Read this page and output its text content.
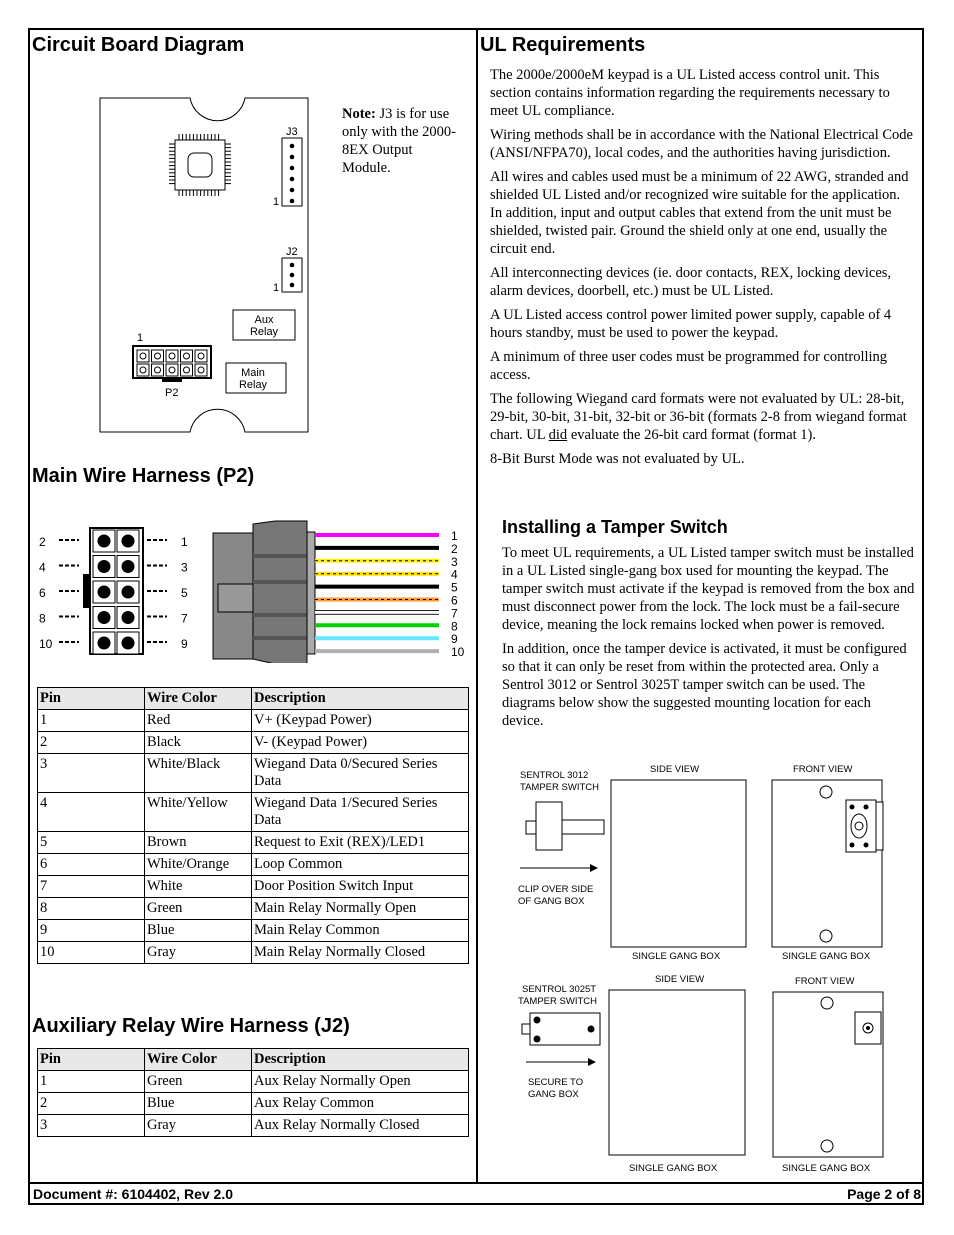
Circuit Board Diagram
J3
1
J2
1
Aux
Relay
1
P2
Main
Relay
Note: J3 is for use only with the 2000-8EX Output Module.
Main Wire Harness (P2)
2	1
4	3
6	5
8	7
10	9
1
2
3
4
5
6
7
8
9
10
Pin	Wire Color	Description
1	Red	V+ (Keypad Power)
2	Black	V- (Keypad Power)
3	White/Black	Wiegand Data 0/Secured Series Data
4	White/Yellow	Wiegand Data 1/Secured Series Data
5	Brown	Request to Exit (REX)/LED1
6	White/Orange	Loop Common
7	White	Door Position Switch Input
8	Green	Main Relay Normally Open
9	Blue	Main Relay Common
10	Gray	Main Relay Normally Closed
Auxiliary Relay Wire Harness (J2)
Pin	Wire Color	Description
1	Green	Aux Relay Normally Open
2	Blue	Aux Relay Common
3	Gray	Aux Relay Normally Closed
UL Requirements

The 2000e/2000eM keypad is a UL Listed access control unit. This section contains information regarding the requirements necessary to meet UL compliance.

Wiring methods shall be in accordance with the National Electrical Code (ANSI/NFPA70), local codes, and the authorities having jurisdiction.

All wires and cables used must be a minimum of 22 AWG, stranded and shielded UL Listed and/or recognized wire suitable for the application. In addition, input and output cables that extend from the unit must be shielded, twisted pair. Ground the shield only at one end, usually the circuit end.

All interconnecting devices (ie. door contacts, REX, locking devices, alarm devices, doorbell, etc.) must be UL Listed.

A UL Listed access control power limited power supply, capable of 4 hours standby, must be used to power the keypad.

A minimum of three user codes must be programmed for controlling access.

The following Wiegand card formats were not evaluated by UL: 28-bit, 29-bit, 30-bit, 31-bit, 32-bit or 36-bit (formats 2-8 from wiegand format chart. UL did evaluate the 26-bit card format (format 1).

8-Bit Burst Mode was not evaluated by UL.

Installing a Tamper Switch

To meet UL requirements, a UL Listed tamper switch must be installed in a UL Listed single-gang box used for mounting the keypad. The tamper switch must activate if the keypad is removed from the box and must disconnect power from the lock. The lock must be a fail-secure device, meaning the lock remains locked when power is removed.

In addition, once the tamper device is activated, it must be configured so that it can only be reset from within the protected area. Only a Sentrol 3012 or Sentrol 3025T tamper switch can be used. The diagrams below show the suggested mounting location for each device.

SENTROL 3012
TAMPER SWITCH
SIDE VIEW	FRONT VIEW
CLIP OVER SIDE
OF GANG BOX
SINGLE GANG BOX	SINGLE GANG BOX
SENTROL 3025T
TAMPER SWITCH
SIDE VIEW	FRONT VIEW
SECURE TO
GANG BOX
SINGLE GANG BOX	SINGLE GANG BOX
Document #: 6104402, Rev 2.0	Page 2 of 8
